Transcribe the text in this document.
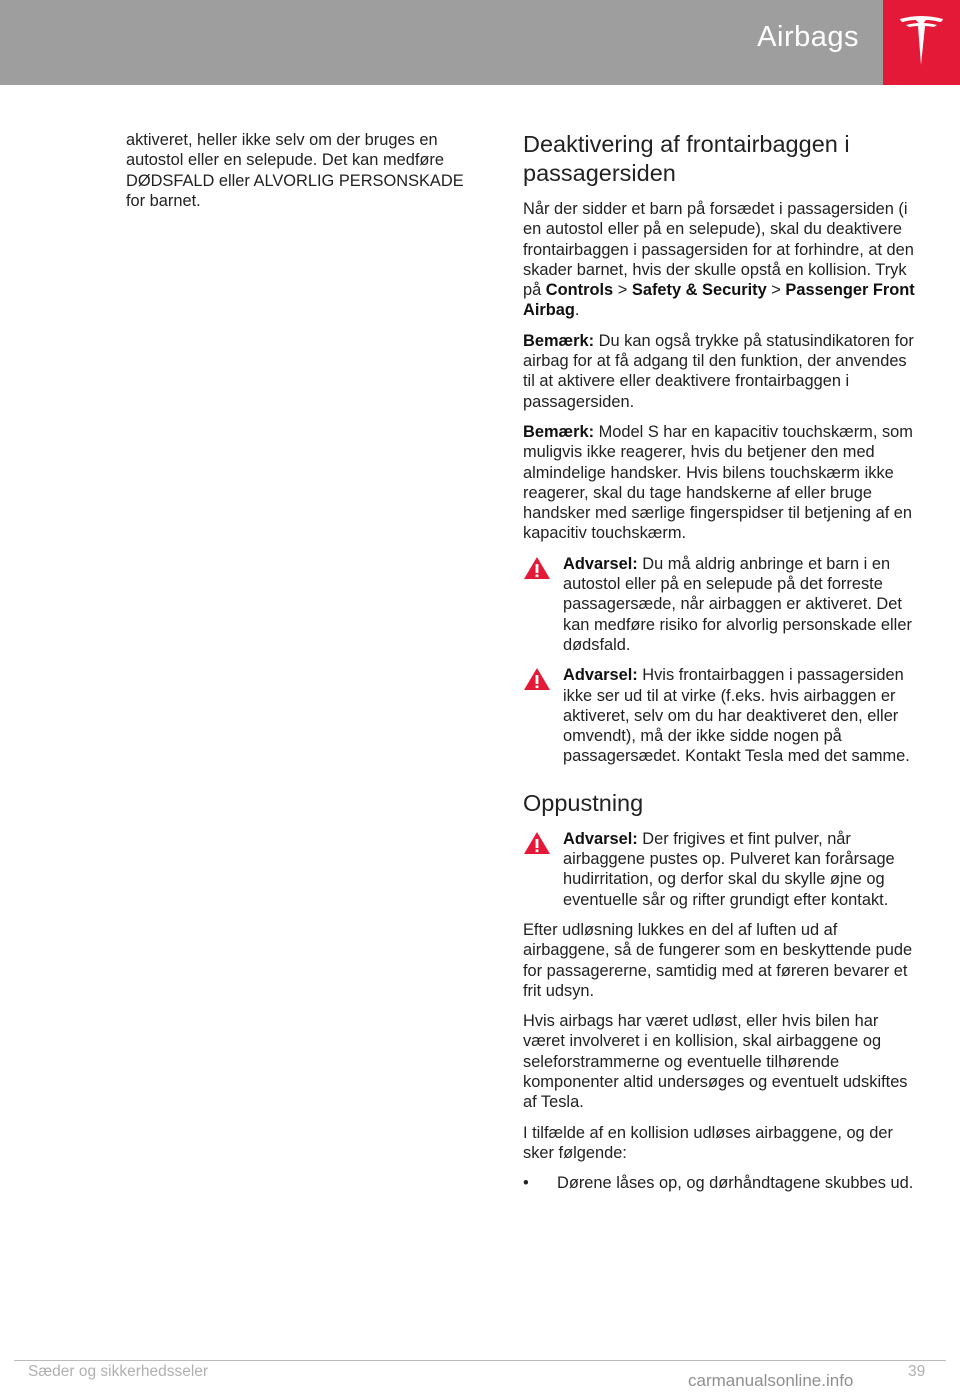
Airbags

aktiveret, heller ikke selv om der bruges en autostol eller en selepude. Det kan medføre DØDSFALD eller ALVORLIG PERSONSKADE for barnet.

Deaktivering af frontairbaggen i passagersiden

Når der sidder et barn på forsædet i passagersiden (i en autostol eller på en selepude), skal du deaktivere frontairbaggen i passagersiden for at forhindre, at den skader barnet, hvis der skulle opstå en kollision. Tryk på Controls > Safety & Security > Passenger Front Airbag.

Bemærk: Du kan også trykke på statusindikatoren for airbag for at få adgang til den funktion, der anvendes til at aktivere eller deaktivere frontairbaggen i passagersiden.

Bemærk: Model S har en kapacitiv touchskærm, som muligvis ikke reagerer, hvis du betjener den med almindelige handsker. Hvis bilens touchskærm ikke reagerer, skal du tage handskerne af eller bruge handsker med særlige fingerspidser til betjening af en kapacitiv touchskærm.

Advarsel: Du må aldrig anbringe et barn i en autostol eller på en selepude på det forreste passagersæde, når airbaggen er aktiveret. Det kan medføre risiko for alvorlig personskade eller dødsfald.
Advarsel: Hvis frontairbaggen i passagersiden ikke ser ud til at virke (f.eks. hvis airbaggen er aktiveret, selv om du har deaktiveret den, eller omvendt), må der ikke sidde nogen på passagersædet. Kontakt Tesla med det samme.
Oppustning
Advarsel: Der frigives et fint pulver, når airbaggene pustes op. Pulveret kan forårsage hudirritation, og derfor skal du skylle øjne og eventuelle sår og rifter grundigt efter kontakt.

Efter udløsning lukkes en del af luften ud af airbaggene, så de fungerer som en beskyttende pude for passagererne, samtidig med at føreren bevarer et frit udsyn.

Hvis airbags har været udløst, eller hvis bilen har været involveret i en kollision, skal airbaggene og seleforstrammerne og eventuelle tilhørende komponenter altid undersøges og eventuelt udskiftes af Tesla.

I tilfælde af en kollision udløses airbaggene, og der sker følgende:

• Dørene låses op, og dørhåndtagene skubbes ud.
Sæder og sikkerhedsseler	39
carmanualsonline.info
